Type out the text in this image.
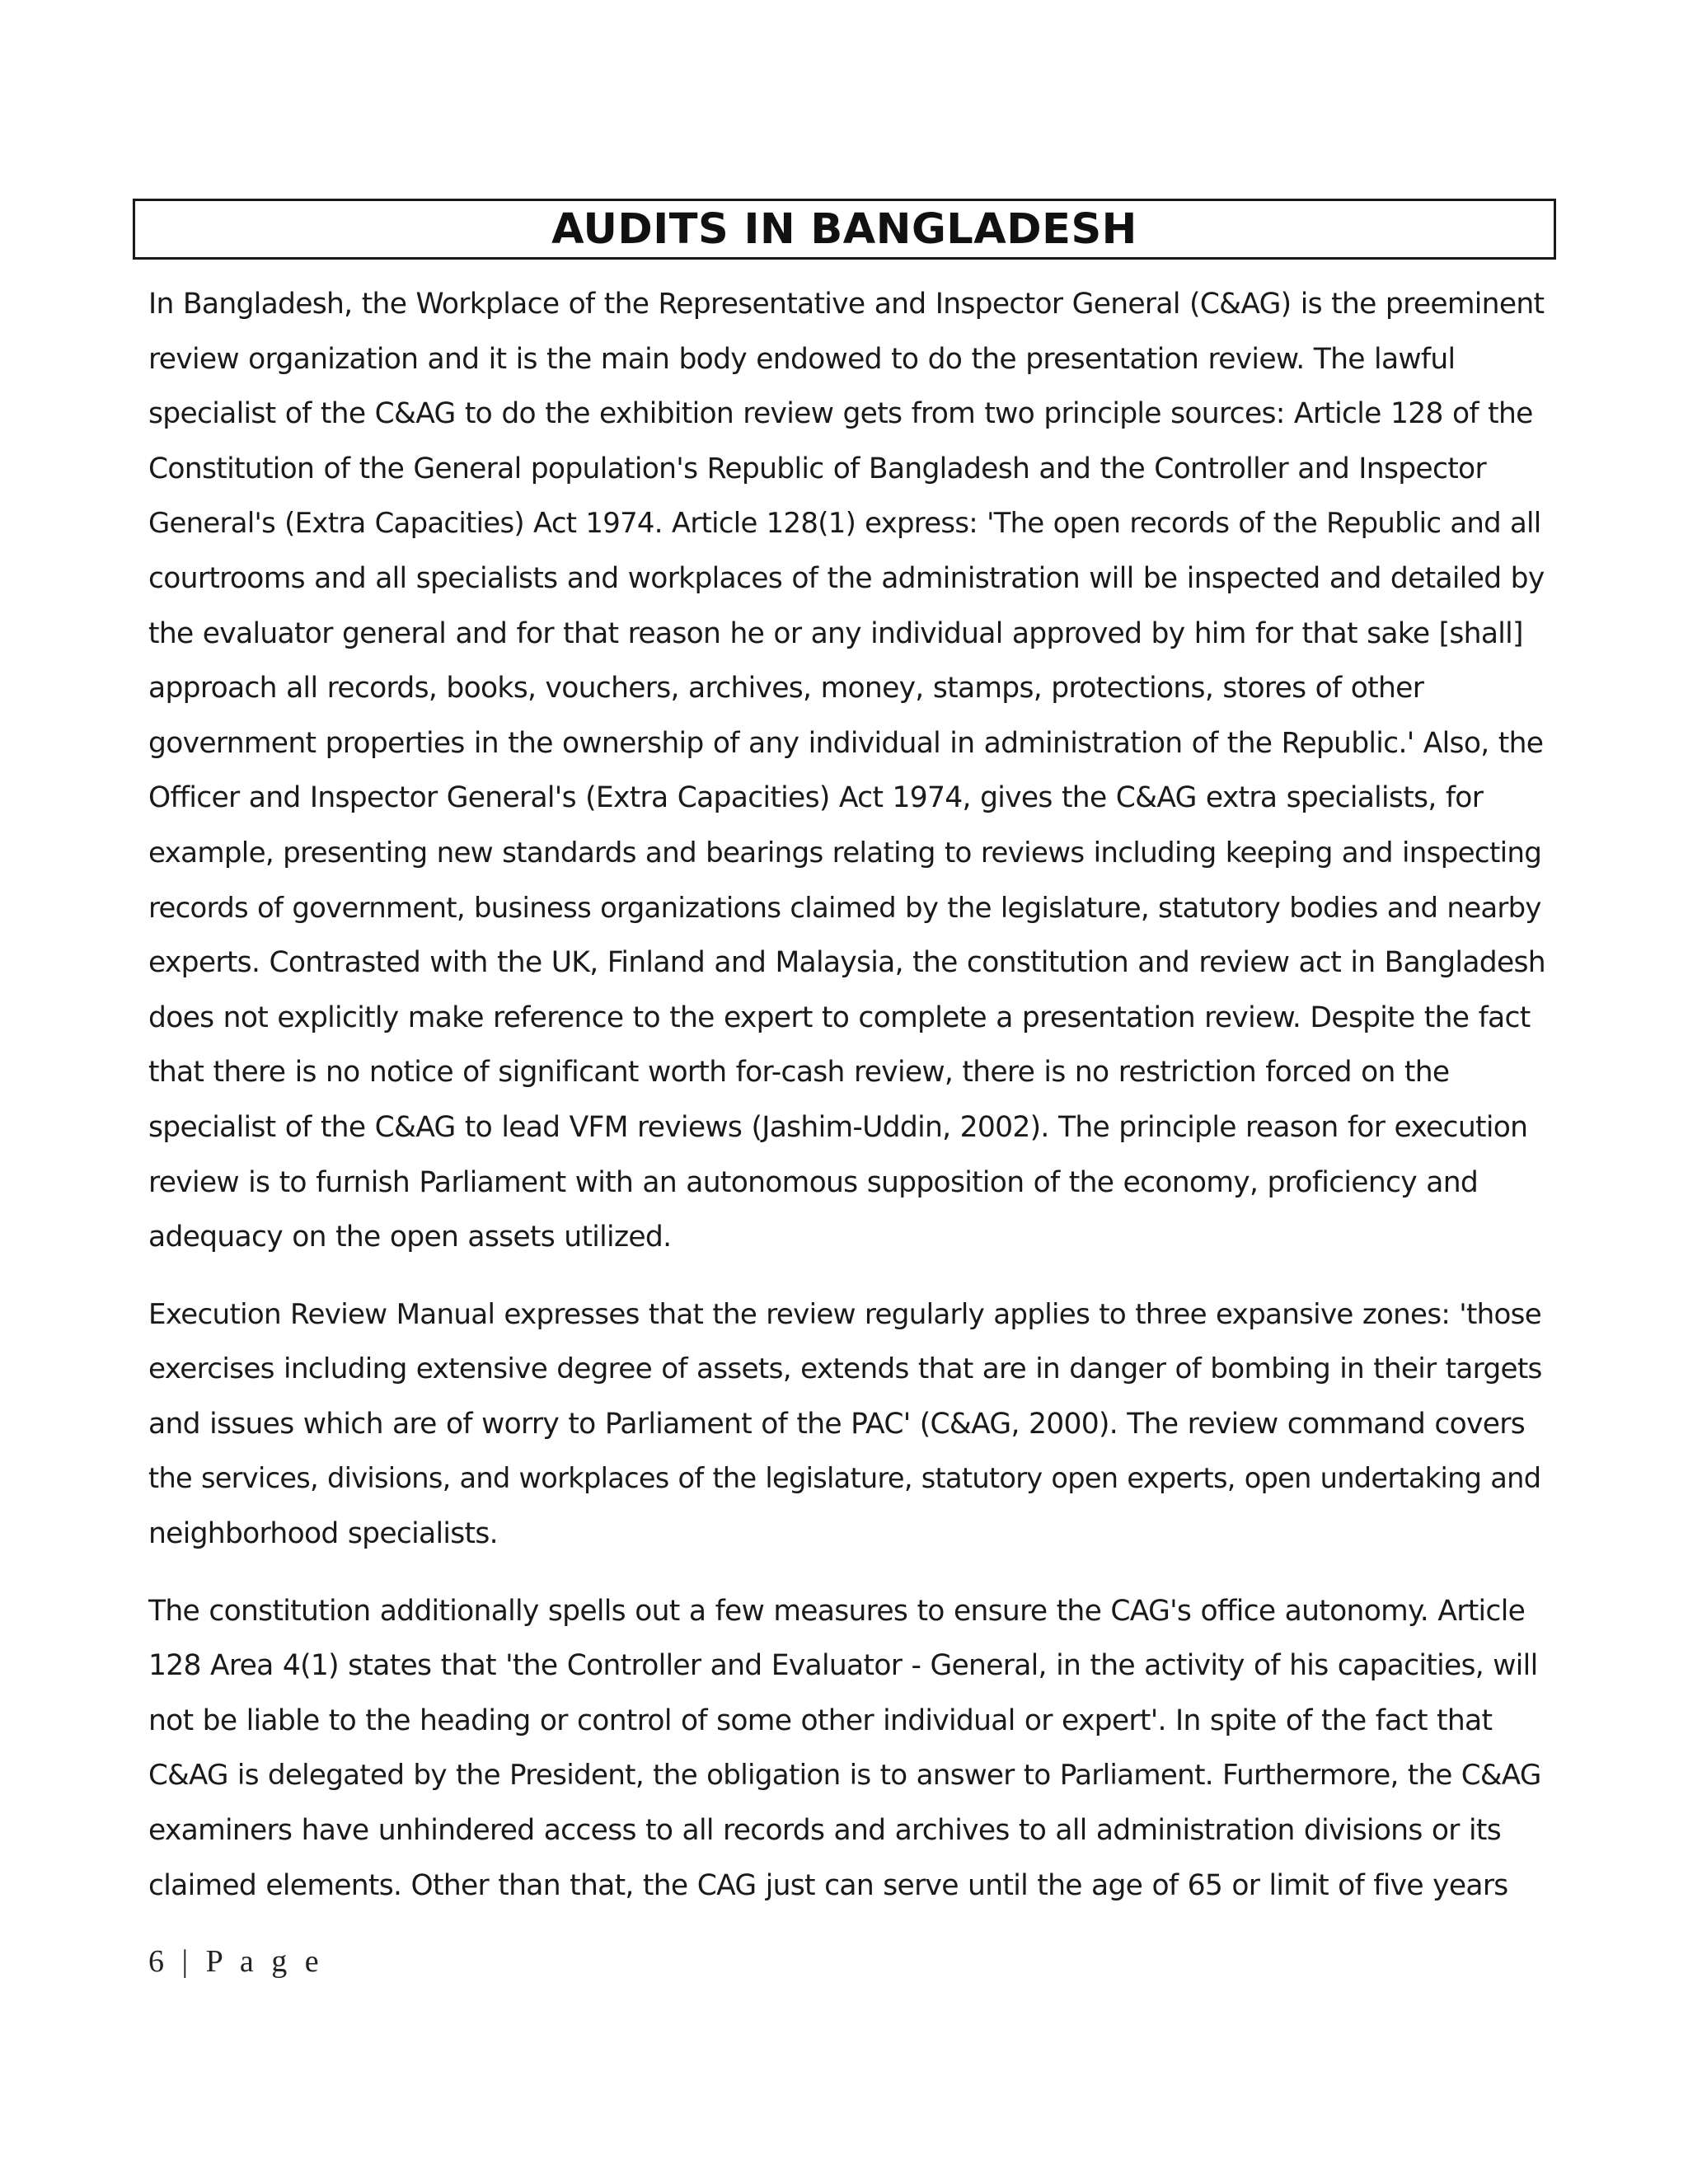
AUDITS IN BANGLADESH
In Bangladesh, the Workplace of the Representative and Inspector General (C&AG) is the preeminent
review organization and it is the main body endowed to do the presentation review. The lawful
specialist of the C&AG to do the exhibition review gets from two principle sources: Article 128 of the
Constitution of the General population's Republic of Bangladesh and the Controller and Inspector
General's (Extra Capacities) Act 1974. Article 128(1) express: 'The open records of the Republic and all
courtrooms and all specialists and workplaces of the administration will be inspected and detailed by
the evaluator general and for that reason he or any individual approved by him for that sake [shall]
approach all records, books, vouchers, archives, money, stamps, protections, stores of other
government properties in the ownership of any individual in administration of the Republic.' Also, the
Officer and Inspector General's (Extra Capacities) Act 1974, gives the C&AG extra specialists, for
example, presenting new standards and bearings relating to reviews including keeping and inspecting
records of government, business organizations claimed by the legislature, statutory bodies and nearby
experts. Contrasted with the UK, Finland and Malaysia, the constitution and review act in Bangladesh
does not explicitly make reference to the expert to complete a presentation review. Despite the fact
that there is no notice of significant worth for-cash review, there is no restriction forced on the
specialist of the C&AG to lead VFM reviews (Jashim-Uddin, 2002). The principle reason for execution
review is to furnish Parliament with an autonomous supposition of the economy, proficiency and
adequacy on the open assets utilized.
Execution Review Manual expresses that the review regularly applies to three expansive zones: 'those
exercises including extensive degree of assets, extends that are in danger of bombing in their targets
and issues which are of worry to Parliament of the PAC' (C&AG, 2000). The review command covers
the services, divisions, and workplaces of the legislature, statutory open experts, open undertaking and
neighborhood specialists.
The constitution additionally spells out a few measures to ensure the CAG's office autonomy. Article
128 Area 4(1) states that 'the Controller and Evaluator - General, in the activity of his capacities, will
not be liable to the heading or control of some other individual or expert'. In spite of the fact that
C&AG is delegated by the President, the obligation is to answer to Parliament. Furthermore, the C&AG
examiners have unhindered access to all records and archives to all administration divisions or its
claimed elements. Other than that, the CAG just can serve until the age of 65 or limit of five years
6 | P a g e
